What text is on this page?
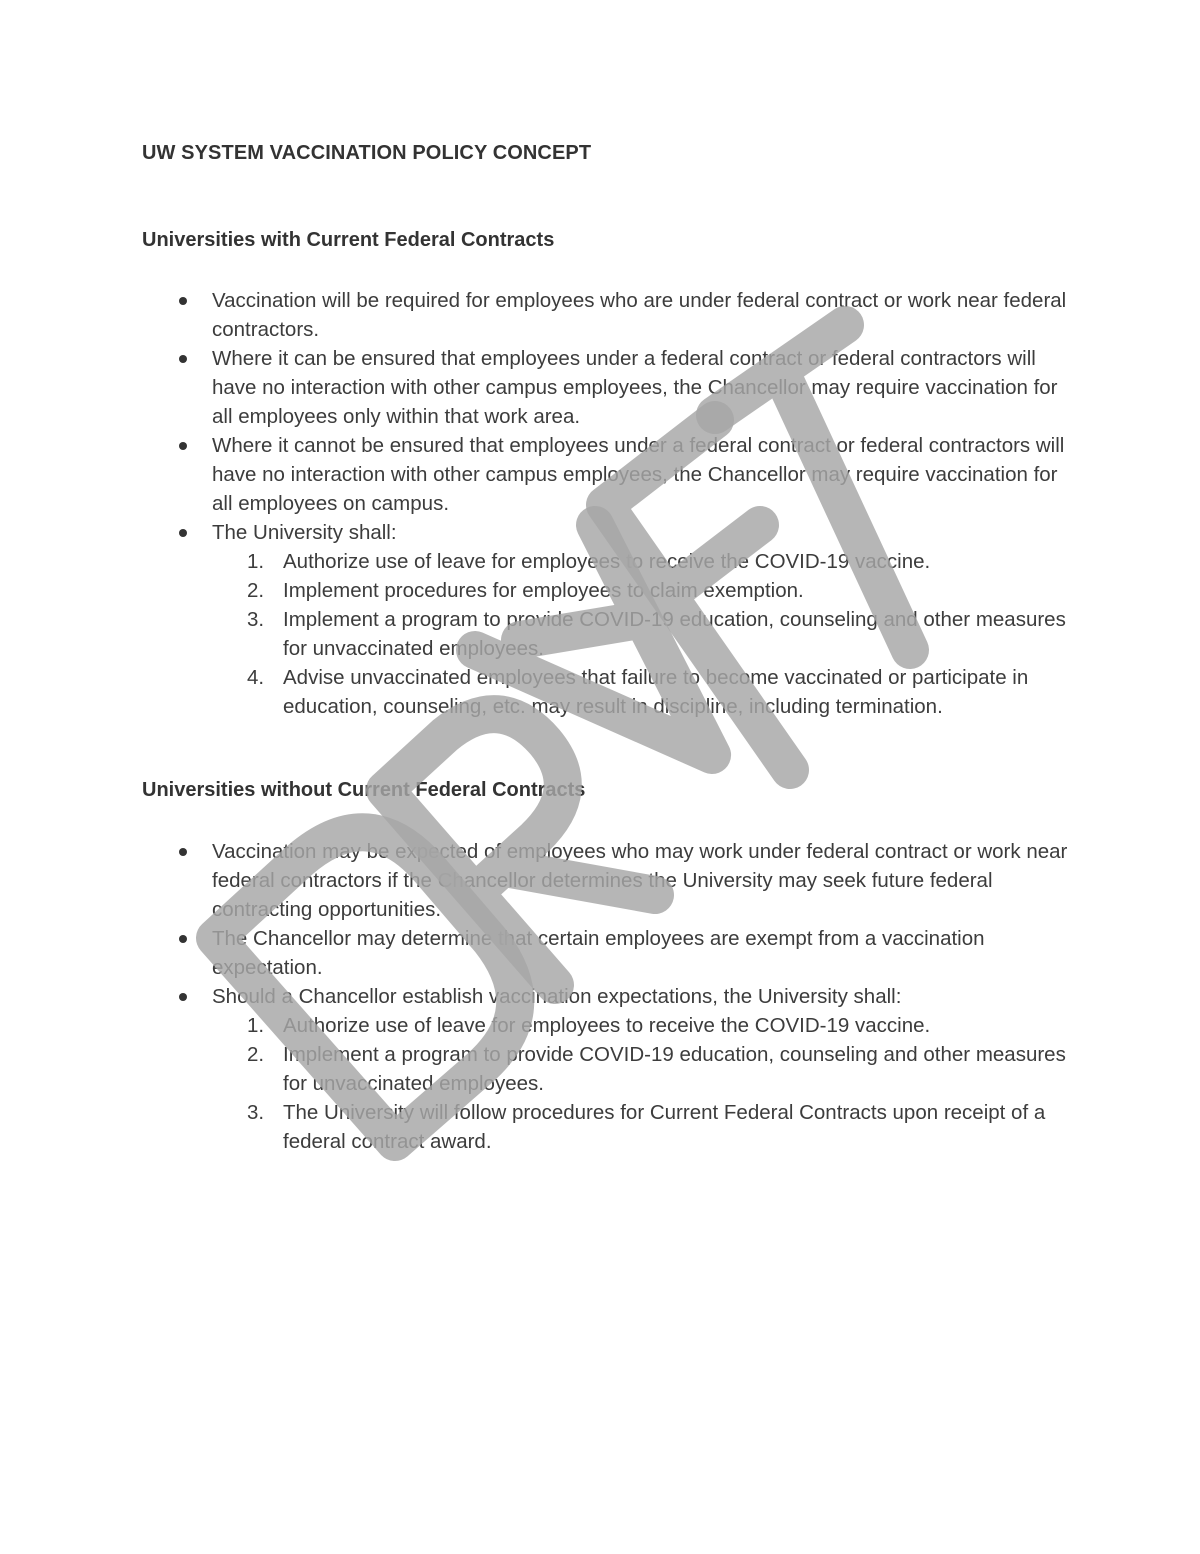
UW SYSTEM VACCINATION POLICY CONCEPT
Universities with Current Federal Contracts
Vaccination will be required for employees who are under federal contract or work near federal contractors.
Where it can be ensured that employees under a federal contract or federal contractors will have no interaction with other campus employees, the Chancellor may require vaccination for all employees only within that work area.
Where it cannot be ensured that employees under a federal contract or federal contractors will have no interaction with other campus employees, the Chancellor may require vaccination for all employees on campus.
The University shall:
1. Authorize use of leave for employees to receive the COVID-19 vaccine.
2. Implement procedures for employees to claim exemption.
3. Implement a program to provide COVID-19 education, counseling and other measures for unvaccinated employees.
4. Advise unvaccinated employees that failure to become vaccinated or participate in education, counseling, etc. may result in discipline, including termination.
Universities without Current Federal Contracts
Vaccination may be expected of employees who may work under federal contract or work near federal contractors if the Chancellor determines the University may seek future federal contracting opportunities.
The Chancellor may determine that certain employees are exempt from a vaccination expectation.
Should a Chancellor establish vaccination expectations, the University shall:
1. Authorize use of leave for employees to receive the COVID-19 vaccine.
2. Implement a program to provide COVID-19 education, counseling and other measures for unvaccinated employees.
3. The University will follow procedures for Current Federal Contracts upon receipt of a federal contract award.
